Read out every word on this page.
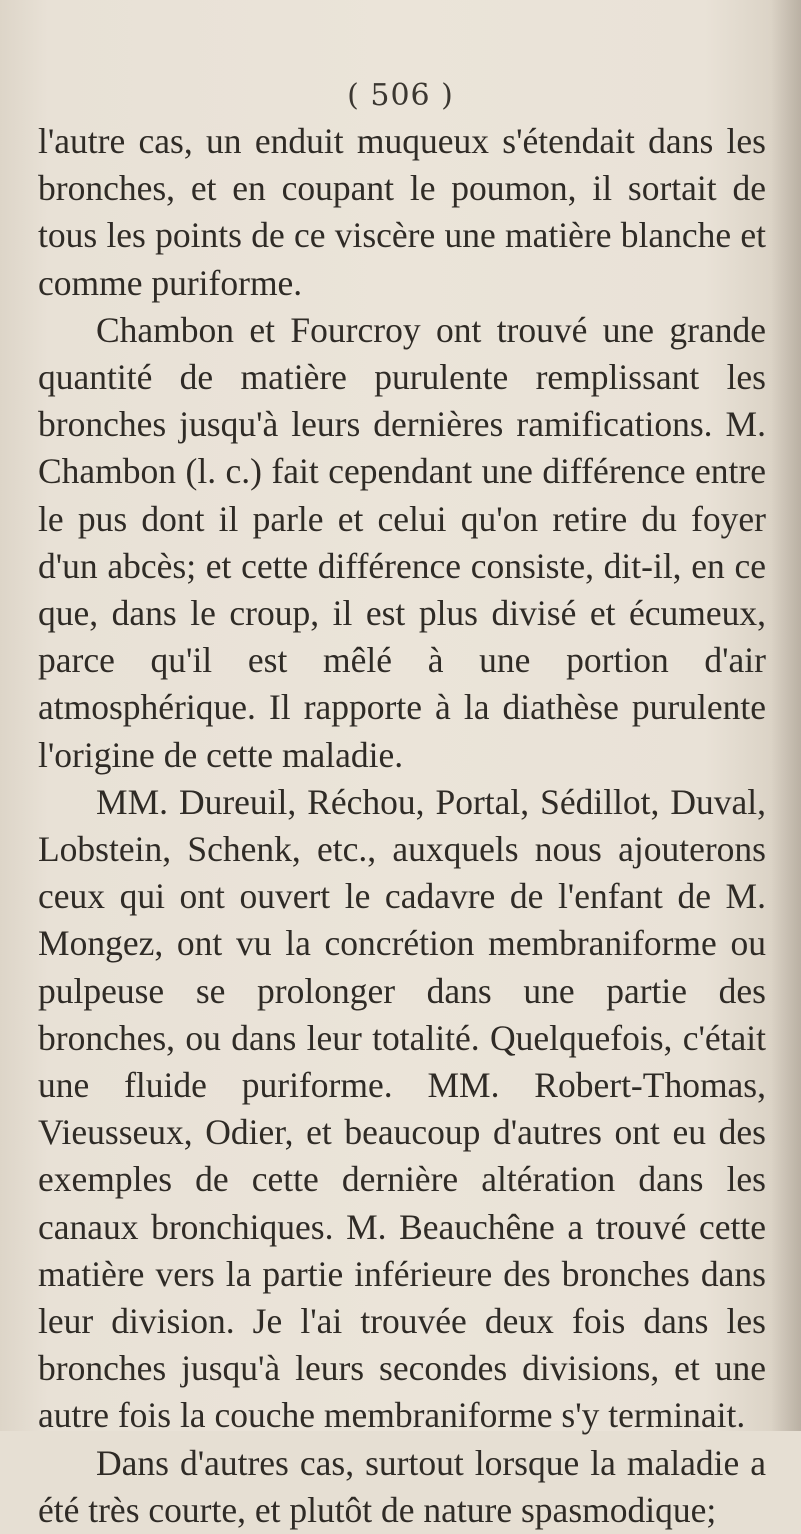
( 506 )

l'autre cas, un enduit muqueux s'étendait dans les bronches, et en coupant le poumon, il sortait de tous les points de ce viscère une matière blanche et comme puriforme.

Chambon et Fourcroy ont trouvé une grande quantité de matière purulente remplissant les bronches jusqu'à leurs dernières ramifications. M. Chambon (l. c.) fait cependant une différence entre le pus dont il parle et celui qu'on retire du foyer d'un abcès; et cette différence consiste, dit-il, en ce que, dans le croup, il est plus divisé et écumeux, parce qu'il est mêlé à une portion d'air atmosphérique. Il rapporte à la diathèse purulente l'origine de cette maladie.

MM. Dureuil, Réchou, Portal, Sédillot, Duval, Lobstein, Schenk, etc., auxquels nous ajouterons ceux qui ont ouvert le cadavre de l'enfant de M. Mongez, ont vu la concrétion membraniforme ou pulpeuse se prolonger dans une partie des bronches, ou dans leur totalité. Quelquefois, c'était une fluide puriforme. MM. Robert-Thomas, Vieusseux, Odier, et beaucoup d'autres ont eu des exemples de cette dernière altération dans les canaux bronchiques. M. Beauchêne a trouvé cette matière vers la partie inférieure des bronches dans leur division. Je l'ai trouvée deux fois dans les bronches jusqu'à leurs secondes divisions, et une autre fois la couche membraniforme s'y terminait.

Dans d'autres cas, surtout lorsque la maladie a été très courte, et plutôt de nature spasmodique;
